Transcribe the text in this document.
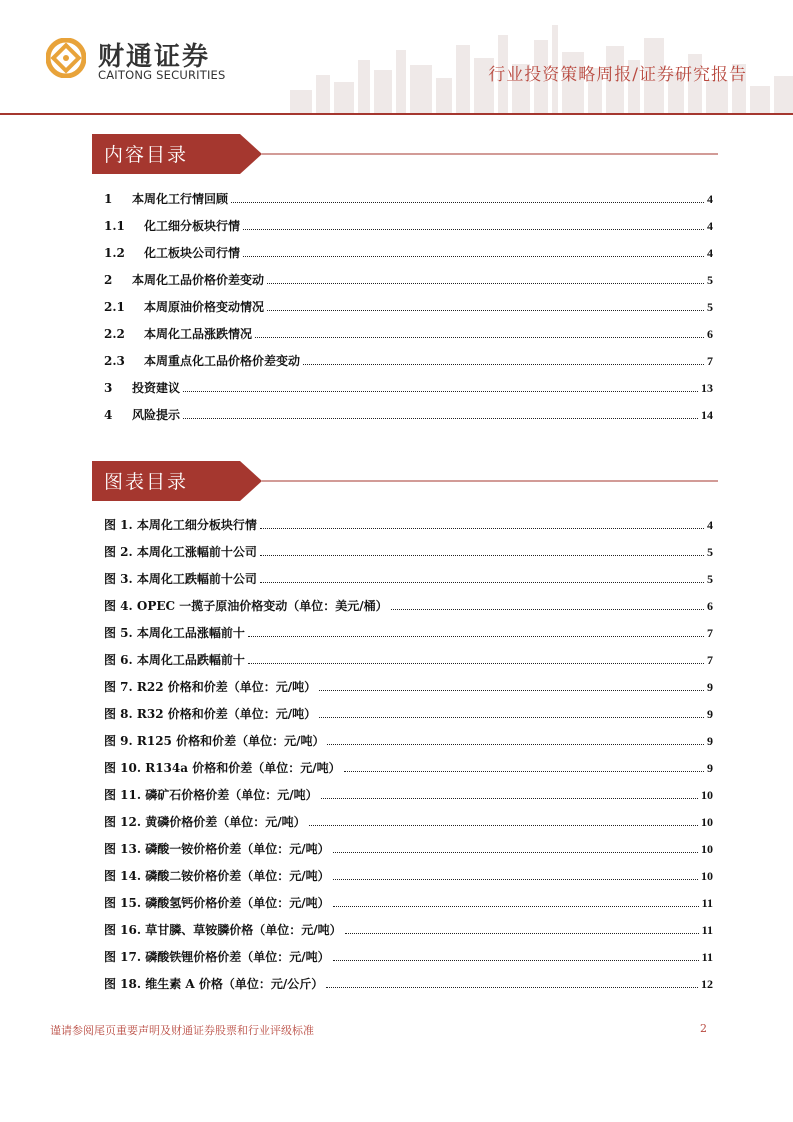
财通证券
CAITONG SECURITIES	行业投资策略周报/证券研究报告
内容目录
1	本周化工行情回顾	4
1.1	化工细分板块行情	4
1.2	化工板块公司行情	4
2	本周化工品价格价差变动	5
2.1	本周原油价格变动情况	5
2.2	本周化工品涨跌情况	6
2.3	本周重点化工品价格价差变动	7
3	投资建议	13
4	风险提示	14
图表目录
图 1. 本周化工细分板块行情	4
图 2. 本周化工涨幅前十公司	5
图 3. 本周化工跌幅前十公司	5
图 4. OPEC 一揽子原油价格变动（单位：美元/桶）	6
图 5. 本周化工品涨幅前十	7
图 6. 本周化工品跌幅前十	7
图 7. R22 价格和价差（单位：元/吨）	9
图 8. R32 价格和价差（单位：元/吨）	9
图 9. R125 价格和价差（单位：元/吨）	9
图 10. R134a 价格和价差（单位：元/吨）	9
图 11. 磷矿石价格价差（单位：元/吨）	10
图 12. 黄磷价格价差（单位：元/吨）	10
图 13. 磷酸一铵价格价差（单位：元/吨）	10
图 14. 磷酸二铵价格价差（单位：元/吨）	10
图 15. 磷酸氢钙价格价差（单位：元/吨）	11
图 16. 草甘膦、草铵膦价格（单位：元/吨）	11
图 17. 磷酸铁锂价格价差（单位：元/吨）	11
图 18. 维生素 A 价格（单位：元/公斤）	12
谨请参阅尾页重要声明及财通证券股票和行业评级标准	2
